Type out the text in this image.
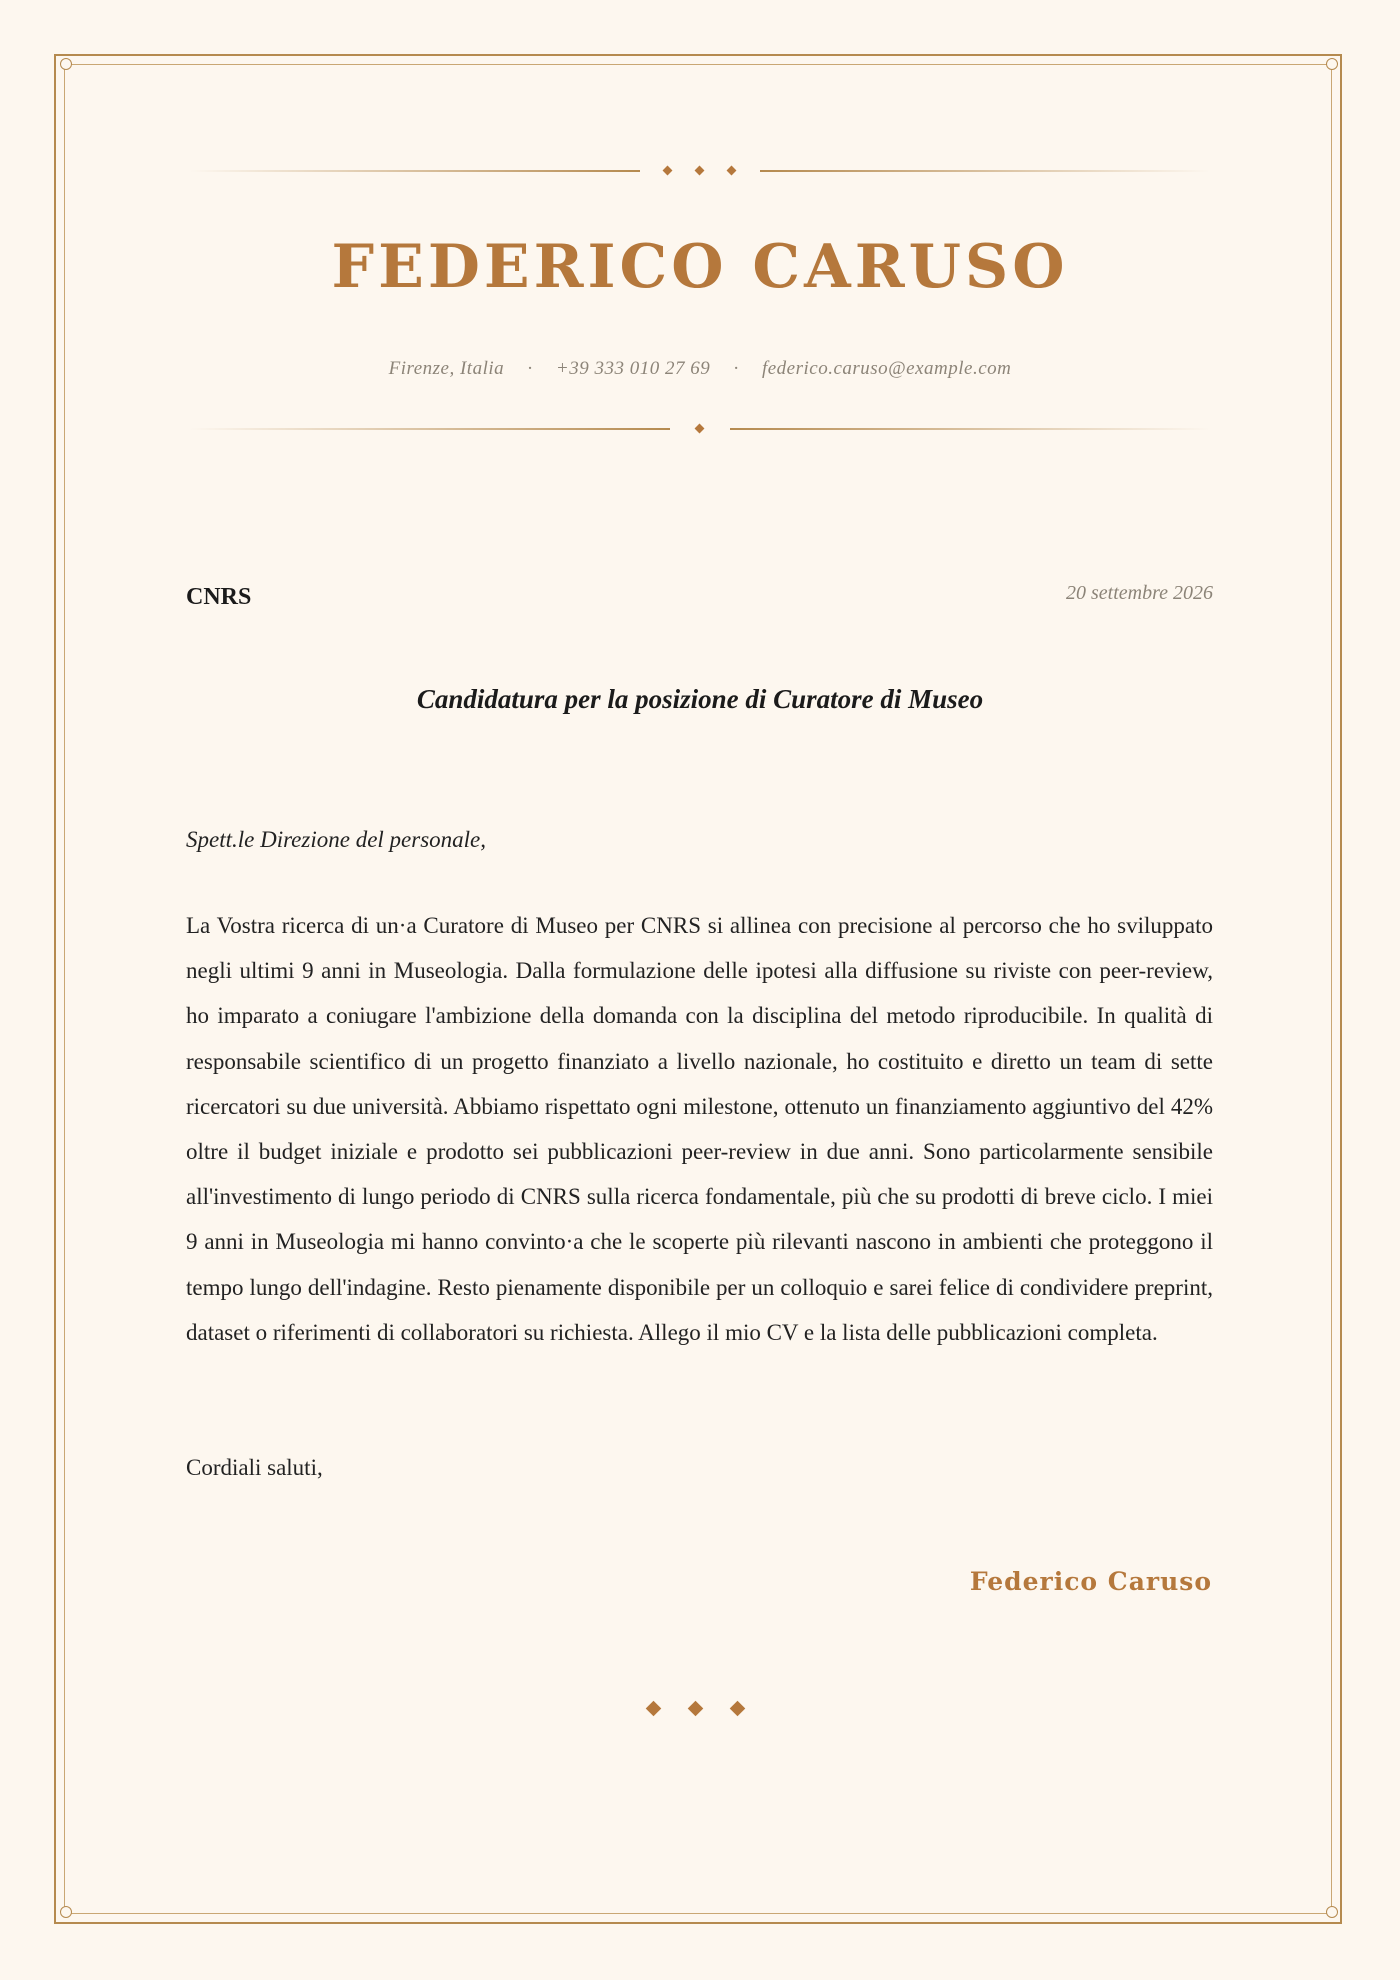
FEDERICO CARUSO
Firenze, Italia · +39 333 010 27 69 · federico.caruso@example.com
CNRS	20 settembre 2026
Candidatura per la posizione di Curatore di Museo
Spett.le Direzione del personale,

La Vostra ricerca di un·a Curatore di Museo per CNRS si allinea con precisione al percorso che ho sviluppato negli ultimi 9 anni in Museologia. Dalla formulazione delle ipotesi alla diffusione su riviste con peer-review, ho imparato a coniugare l'ambizione della domanda con la disciplina del metodo riproducibile. In qualità di responsabile scientifico di un progetto finanziato a livello nazionale, ho costituito e diretto un team di sette ricercatori su due università. Abbiamo rispettato ogni milestone, ottenuto un finanziamento aggiuntivo del 42% oltre il budget iniziale e prodotto sei pubblicazioni peer-review in due anni. Sono particolarmente sensibile all'investimento di lungo periodo di CNRS sulla ricerca fondamentale, più che su prodotti di breve ciclo. I miei 9 anni in Museologia mi hanno convinto·a che le scoperte più rilevanti nascono in ambienti che proteggono il tempo lungo dell'indagine. Resto pienamente disponibile per un colloquio e sarei felice di condividere preprint, dataset o riferimenti di collaboratori su richiesta. Allego il mio CV e la lista delle pubblicazioni completa.

Cordiali saluti,
Federico Caruso
